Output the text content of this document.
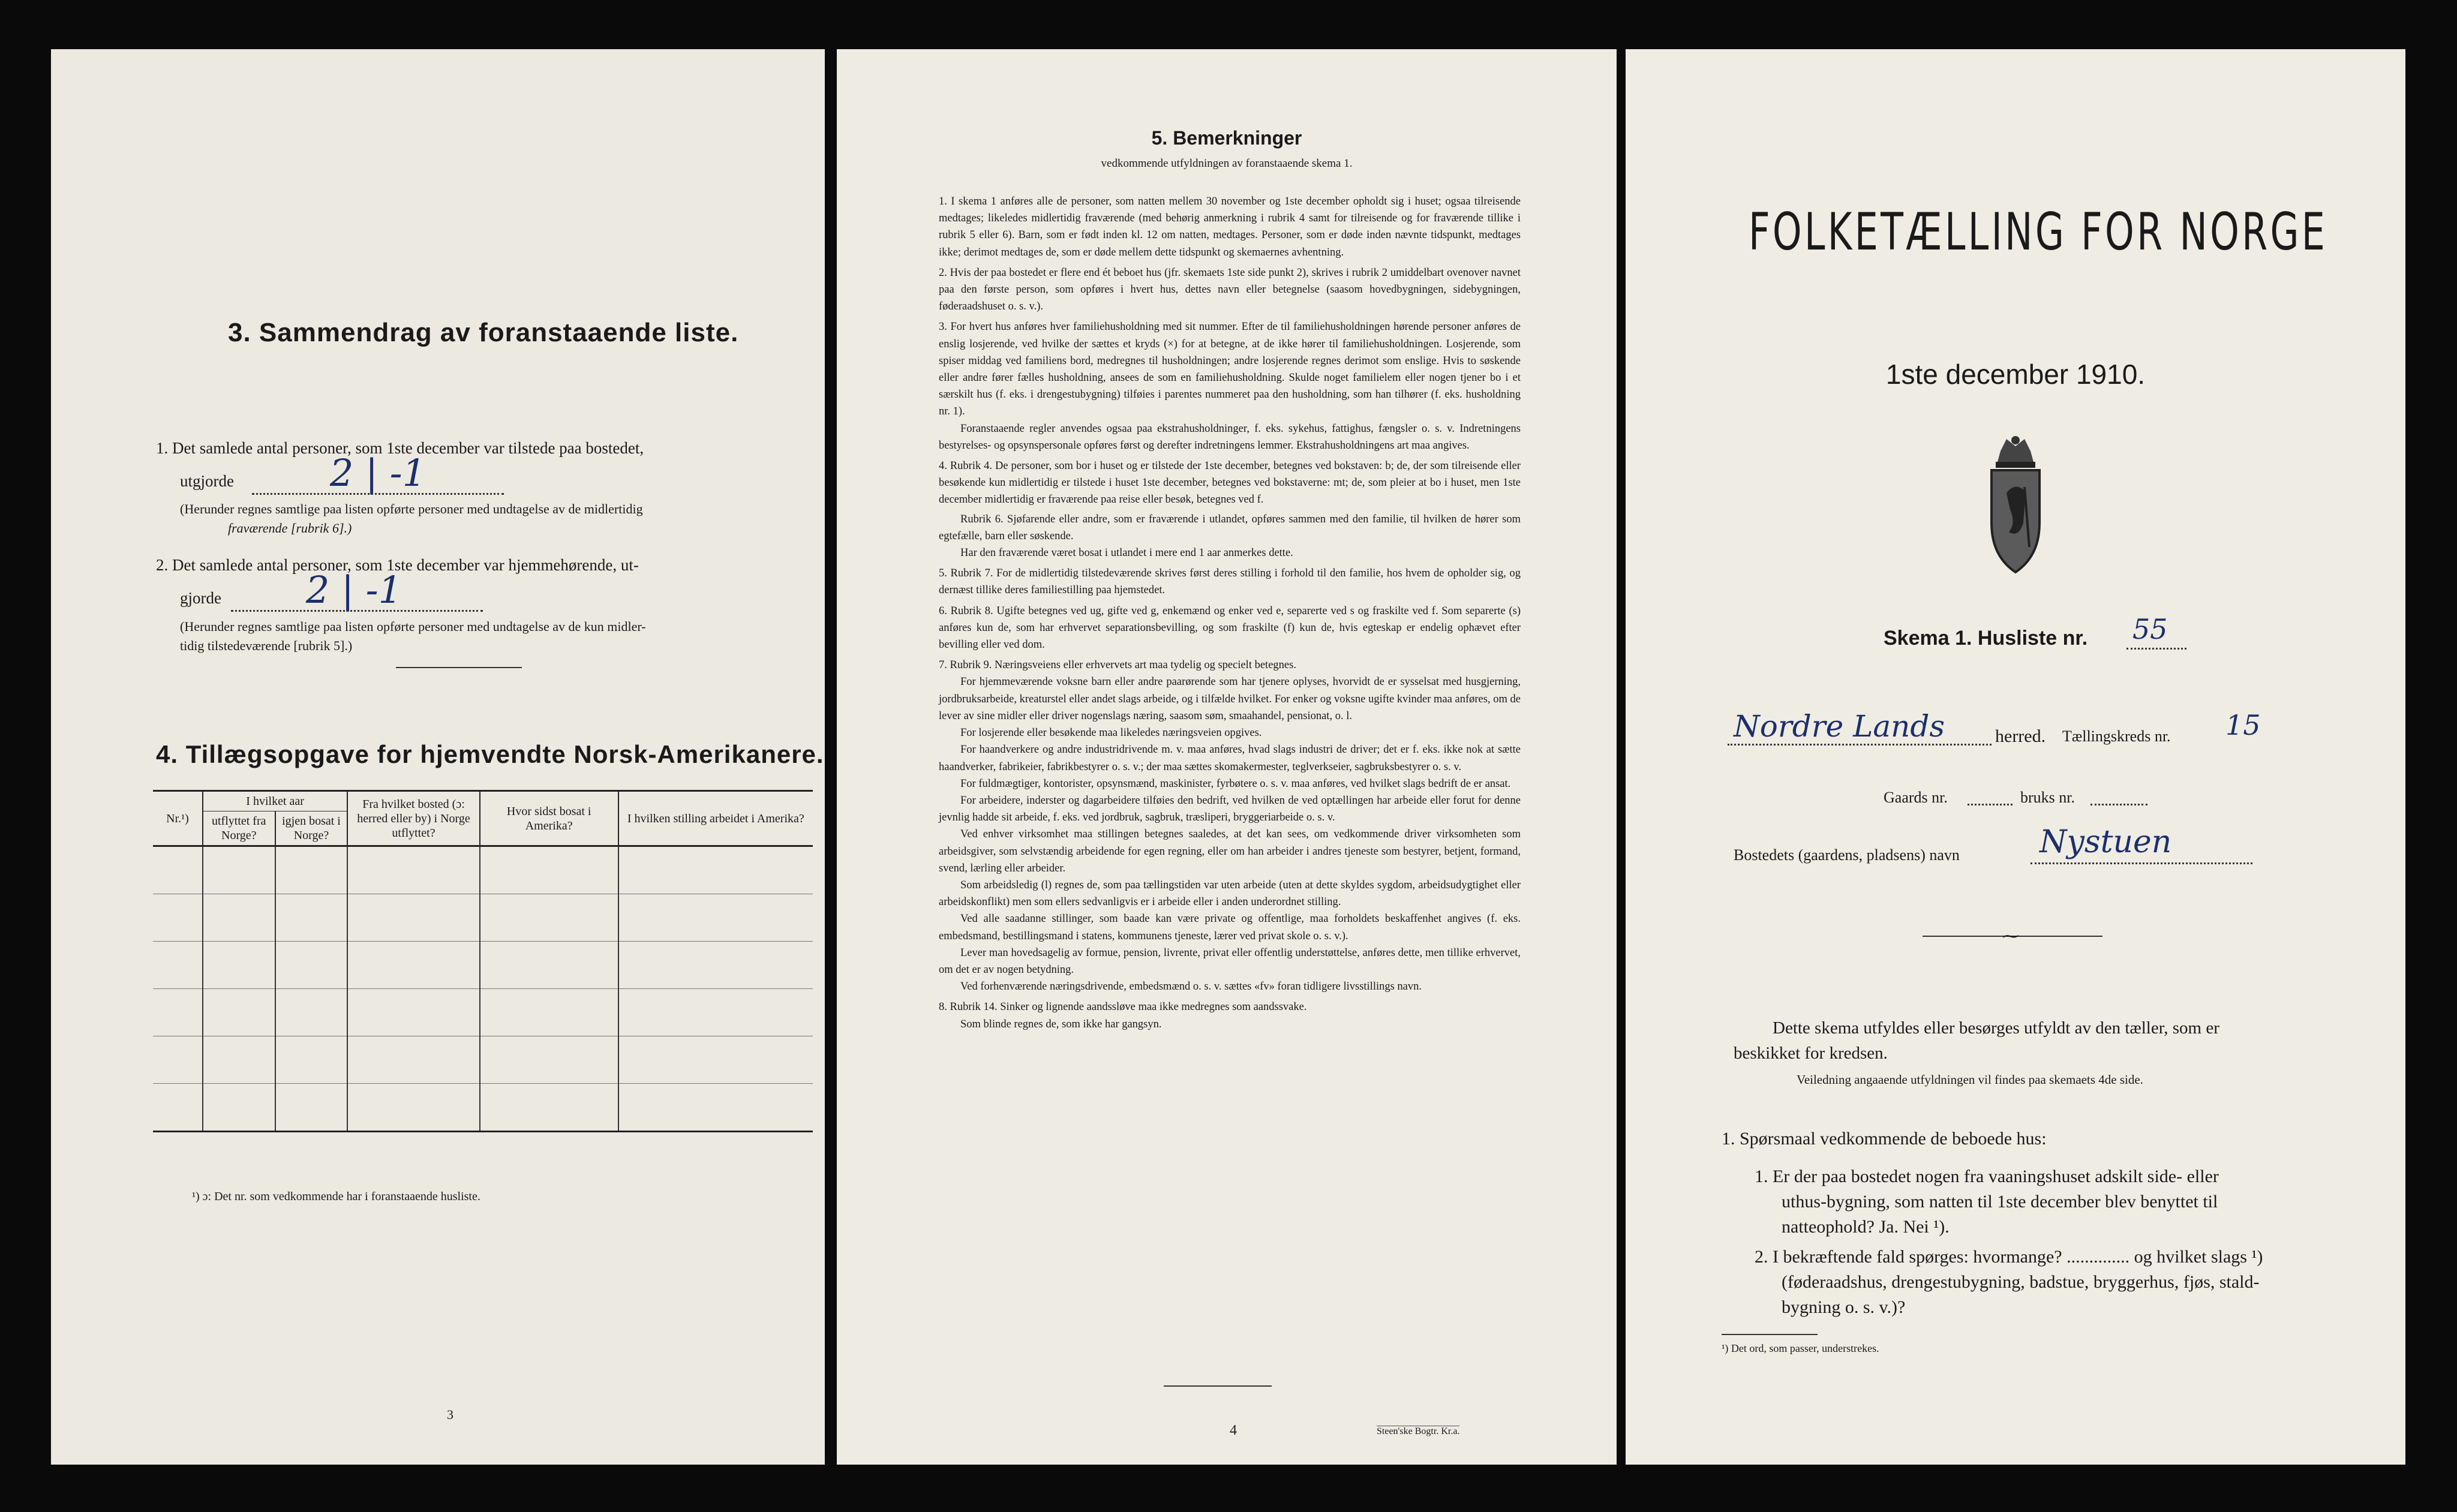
3. Sammendrag av foranstaaende liste.
1. Det samlede antal personer, som 1ste december var tilstede paa bostedet,
utgjorde	2 | -1
(Herunder regnes samtlige paa listen opførte personer med undtagelse av de midlertidig
fraværende [rubrik 6].)
2. Det samlede antal personer, som 1ste december var hjemmehørende, ut-
gjorde	2 | -1
(Herunder regnes samtlige paa listen opførte personer med undtagelse av de kun midler-
tidig tilstedeværende [rubrik 5].)
4. Tillægsopgave for hjemvendte Norsk-Amerikanere.
Nr.¹)	I hvilket aar		Fra hvilket bosted (ɔ: herred eller by) i Norge utflyttet?	Hvor sidst bosat i Amerika?	I hvilken stilling arbeidet i Amerika?
	utflyttet fra Norge?	igjen bosat i Norge?			

¹) ɔ: Det nr. som vedkommende har i foranstaaende husliste.
3
5. Bemerkninger
vedkommende utfyldningen av foranstaaende skema 1.

1. I skema 1 anføres alle de personer, som natten mellem 30 november og 1ste december opholdt sig i huset; ogsaa tilreisende medtages; likeledes midlertidig fraværende (med behørig anmerkning i rubrik 4 samt for tilreisende og for fraværende tillike i rubrik 5 eller 6). Barn, som er født inden kl. 12 om natten, medtages. Personer, som er døde inden nævnte tidspunkt, medtages ikke; derimot medtages de, som er døde mellem dette tidspunkt og skemaernes avhentning.

2. Hvis der paa bostedet er flere end ét beboet hus (jfr. skemaets 1ste side punkt 2), skrives i rubrik 2 umiddelbart ovenover navnet paa den første person, som opføres i hvert hus, dettes navn eller betegnelse (saasom hovedbygningen, sidebygningen, føderaadshuset o. s. v.).

3. For hvert hus anføres hver familiehusholdning med sit nummer. Efter de til familiehusholdningen hørende personer anføres de enslig losjerende, ved hvilke der sættes et kryds (×) for at betegne, at de ikke hører til familiehusholdningen. Losjerende, som spiser middag ved familiens bord, medregnes til husholdningen; andre losjerende regnes derimot som enslige. Hvis to søskende eller andre fører fælles husholdning, ansees de som en familiehusholdning. Skulde noget familielem eller nogen tjener bo i et særskilt hus (f. eks. i drengestubygning) tilføies i parentes nummeret paa den husholdning, som han tilhører (f. eks. husholdning nr. 1).

Foranstaaende regler anvendes ogsaa paa ekstrahusholdninger, f. eks. sykehus, fattighus, fængsler o. s. v. Indretningens bestyrelses- og opsynspersonale opføres først og derefter indretningens lemmer. Ekstrahusholdningens art maa angives.

4. Rubrik 4. De personer, som bor i huset og er tilstede der 1ste december, betegnes ved bokstaven: b; de, der som tilreisende eller besøkende kun midlertidig er tilstede i huset 1ste december, betegnes ved bokstaverne: mt; de, som pleier at bo i huset, men 1ste december midlertidig er fraværende paa reise eller besøk, betegnes ved f.

Rubrik 6. Sjøfarende eller andre, som er fraværende i utlandet, opføres sammen med den familie, til hvilken de hører som egtefælle, barn eller søskende.

Har den fraværende været bosat i utlandet i mere end 1 aar anmerkes dette.

5. Rubrik 7. For de midlertidig tilstedeværende skrives først deres stilling i forhold til den familie, hos hvem de opholder sig, og dernæst tillike deres familiestilling paa hjemstedet.

6. Rubrik 8. Ugifte betegnes ved ug, gifte ved g, enkemænd og enker ved e, separerte ved s og fraskilte ved f. Som separerte (s) anføres kun de, som har erhvervet separationsbevilling, og som fraskilte (f) kun de, hvis egteskap er endelig ophævet efter bevilling eller ved dom.

7. Rubrik 9. Næringsveiens eller erhvervets art maa tydelig og specielt betegnes.

For hjemmeværende voksne barn eller andre paarørende som har tjenere oplyses, hvorvidt de er sysselsat med husgjerning, jordbruksarbeide, kreaturstel eller andet slags arbeide, og i tilfælde hvilket. For enker og voksne ugifte kvinder maa anføres, om de lever av sine midler eller driver nogenslags næring, saasom søm, smaahandel, pensionat, o. l.

For losjerende eller besøkende maa likeledes næringsveien opgives.

For haandverkere og andre industridrivende m. v. maa anføres, hvad slags industri de driver; det er f. eks. ikke nok at sætte haandverker, fabrikeier, fabrikbestyrer o. s. v.; der maa sættes skomakermester, teglverkseier, sagbruksbestyrer o. s. v.

For fuldmægtiger, kontorister, opsynsmænd, maskinister, fyrbøtere o. s. v. maa anføres, ved hvilket slags bedrift de er ansat.

For arbeidere, inderster og dagarbeidere tilføies den bedrift, ved hvilken de ved optællingen har arbeide eller forut for denne jevnlig hadde sit arbeide, f. eks. ved jordbruk, sagbruk, træsliperi, bryggeriarbeide o. s. v.

Ved enhver virksomhet maa stillingen betegnes saaledes, at det kan sees, om vedkommende driver virksomheten som arbeidsgiver, som selvstændig arbeidende for egen regning, eller om han arbeider i andres tjeneste som bestyrer, betjent, formand, svend, lærling eller arbeider.

Som arbeidsledig (l) regnes de, som paa tællingstiden var uten arbeide (uten at dette skyldes sygdom, arbeidsudygtighet eller arbeidskonflikt) men som ellers sedvanligvis er i arbeide eller i anden underordnet stilling.

Ved alle saadanne stillinger, som baade kan være private og offentlige, maa forholdets beskaffenhet angives (f. eks. embedsmand, bestillingsmand i statens, kommunens tjeneste, lærer ved privat skole o. s. v.).

Lever man hovedsagelig av formue, pension, livrente, privat eller offentlig understøttelse, anføres dette, men tillike erhvervet, om det er av nogen betydning.

Ved forhenværende næringsdrivende, embedsmænd o. s. v. sættes «fv» foran tidligere livsstillings navn.

8. Rubrik 14. Sinker og lignende aandssløve maa ikke medregnes som aandssvake.

Som blinde regnes de, som ikke har gangsyn.

4	Steen'ske Bogtr. Kr.a.
FOLKETÆLLING FOR NORGE
1ste december 1910.
Skema 1. Husliste nr. 55
Nordre Lands	herred. Tællingskreds nr. 15
Gaards nr.	bruks nr.
Bostedets (gaardens, pladsens) navn	Nystuen
⁓
Dette skema utfyldes eller besørges utfyldt av den tæller, som er
beskikket for kredsen.
Veiledning angaaende utfyldningen vil findes paa skemaets 4de side.
1. Spørsmaal vedkommende de beboede hus:
1. Er der paa bostedet nogen fra vaaningshuset adskilt side- eller
uthus-bygning, som natten til 1ste december blev benyttet til
natteophold? Ja. Nei ¹).
2. I bekræftende fald spørges: hvormange? .............. og hvilket slags ¹)
(føderaadshus, drengestubygning, badstue, bryggerhus, fjøs, stald-
bygning o. s. v.)?
¹) Det ord, som passer, understrekes.
